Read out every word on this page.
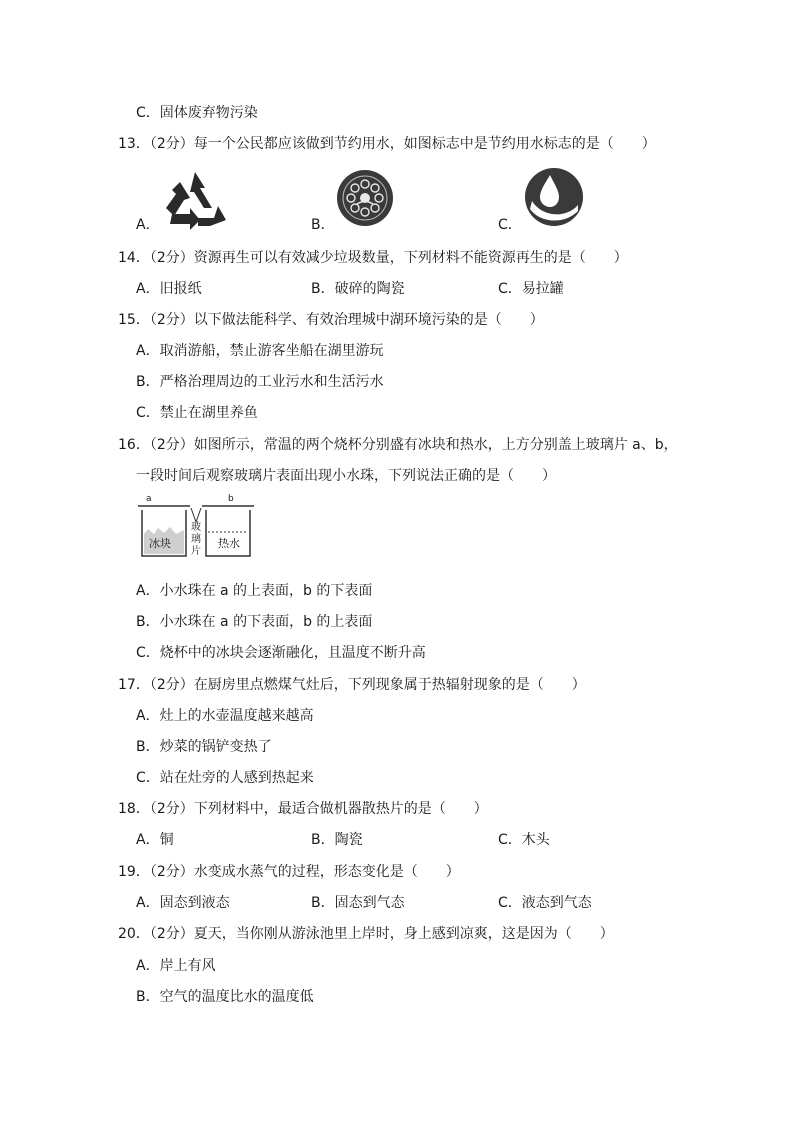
C．固体废弃物污染
13．（2分）每一个公民都应该做到节约用水，如图标志中是节约用水标志的是（　　）
A．	B．	C．
14．（2分）资源再生可以有效减少垃圾数量，下列材料不能资源再生的是（　　）
A．旧报纸	B．破碎的陶瓷	C．易拉罐
15．（2分）以下做法能科学、有效治理城中湖环境污染的是（　　）
A．取消游船，禁止游客坐船在湖里游玩
B．严格治理周边的工业污水和生活污水
C．禁止在湖里养鱼
16．（2分）如图所示，常温的两个烧杯分别盛有冰块和热水，上方分别盖上玻璃片 a、b，
一段时间后观察玻璃片表面出现小水珠，下列说法正确的是（　　）
a	b
冰块	热水
玻
璃
片
A．小水珠在 a 的上表面，b 的下表面
B．小水珠在 a 的下表面，b 的上表面
C．烧杯中的冰块会逐渐融化，且温度不断升高
17．（2分）在厨房里点燃煤气灶后，下列现象属于热辐射现象的是（　　）
A．灶上的水壶温度越来越高
B．炒菜的锅铲变热了
C．站在灶旁的人感到热起来
18．（2分）下列材料中，最适合做机器散热片的是（　　）
A．铜	B．陶瓷	C．木头
19．（2分）水变成水蒸气的过程，形态变化是（　　）
A．固态到液态	B．固态到气态	C．液态到气态
20．（2分）夏天，当你刚从游泳池里上岸时，身上感到凉爽，这是因为（　　）
A．岸上有风
B．空气的温度比水的温度低
